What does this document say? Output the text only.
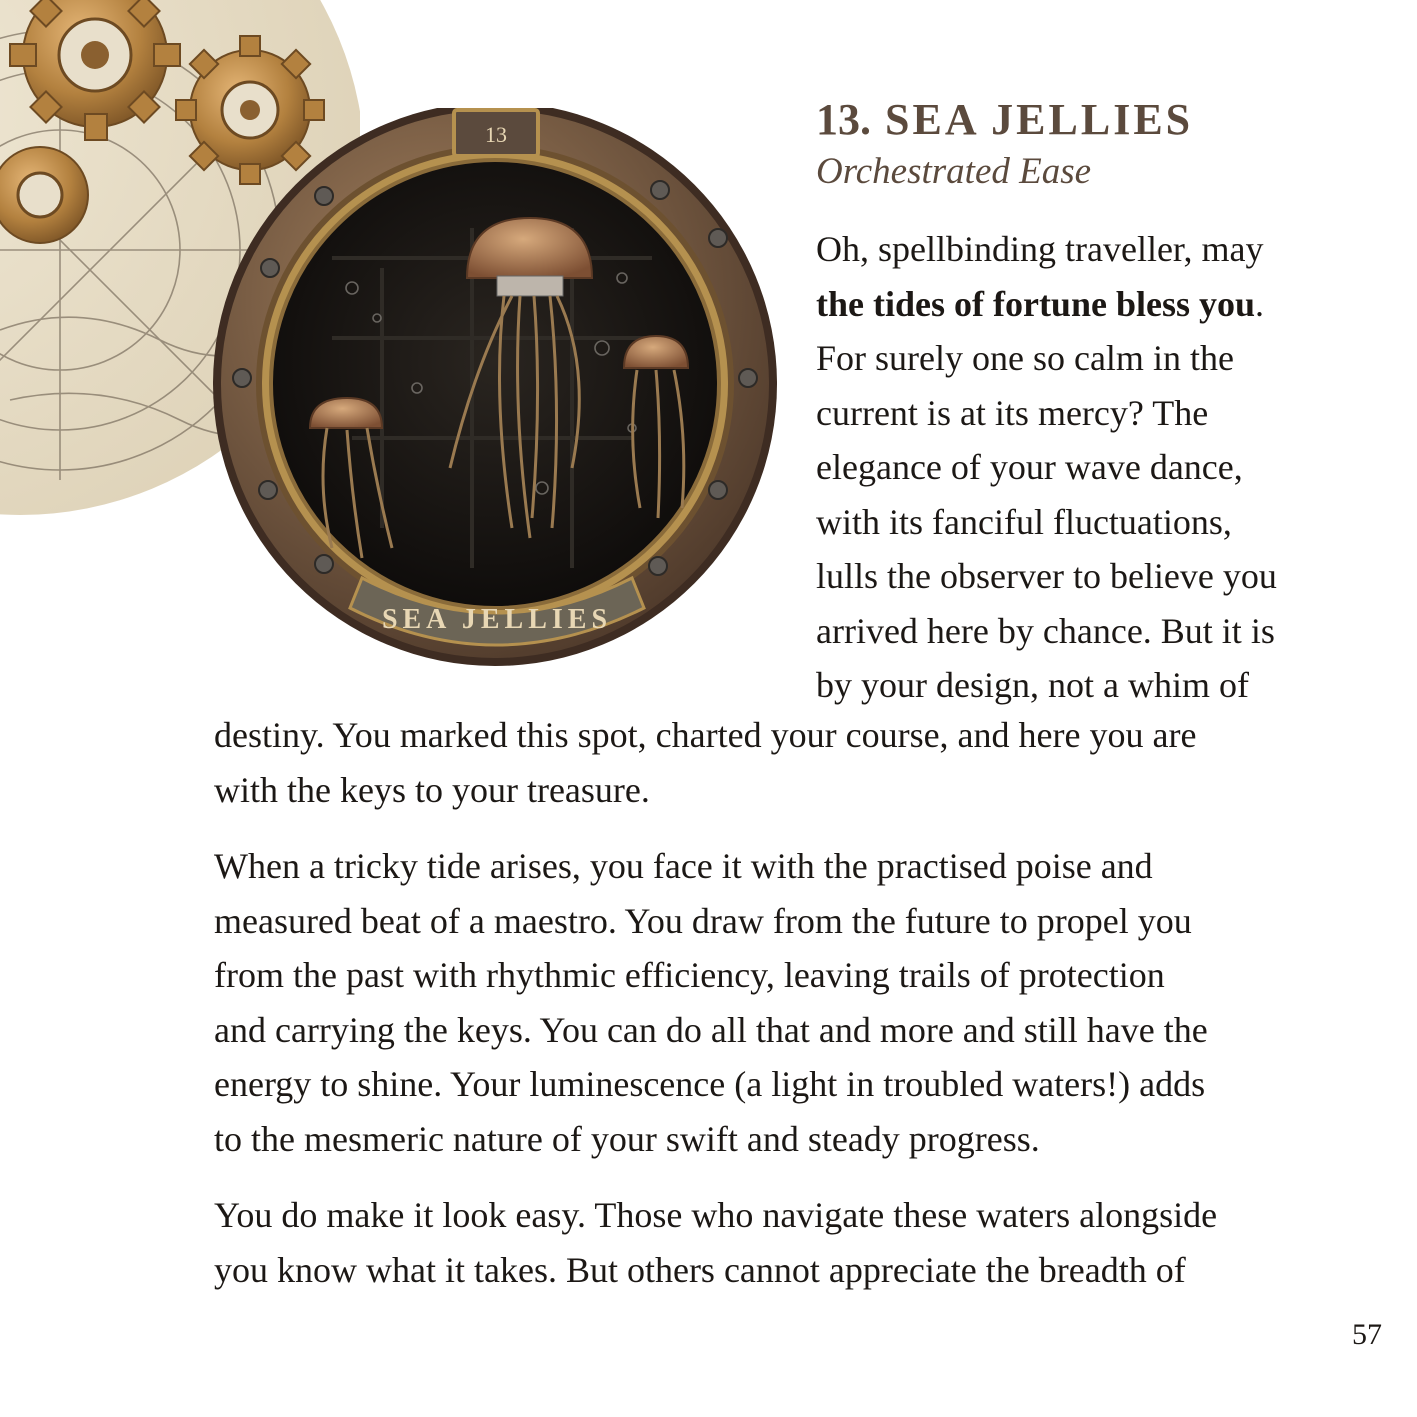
13
SEA JELLIES
13. SEA JELLIES

Orchestrated Ease

Oh, spellbinding traveller, may
the tides of fortune bless you.
For surely one so calm in the
current is at its mercy? The
elegance of your wave dance,
with its fanciful fluctuations,
lulls the observer to believe you
arrived here by chance. But it is
by your design, not a whim of

destiny. You marked this spot, charted your course, and here you are
with the keys to your treasure.

When a tricky tide arises, you face it with the practised poise and
measured beat of a maestro. You draw from the future to propel you
from the past with rhythmic efficiency, leaving trails of protection
and carrying the keys. You can do all that and more and still have the
energy to shine. Your luminescence (a light in troubled waters!) adds
to the mesmeric nature of your swift and steady progress.

You do make it look easy. Those who navigate these waters alongside
you know what it takes. But others cannot appreciate the breadth of

57
